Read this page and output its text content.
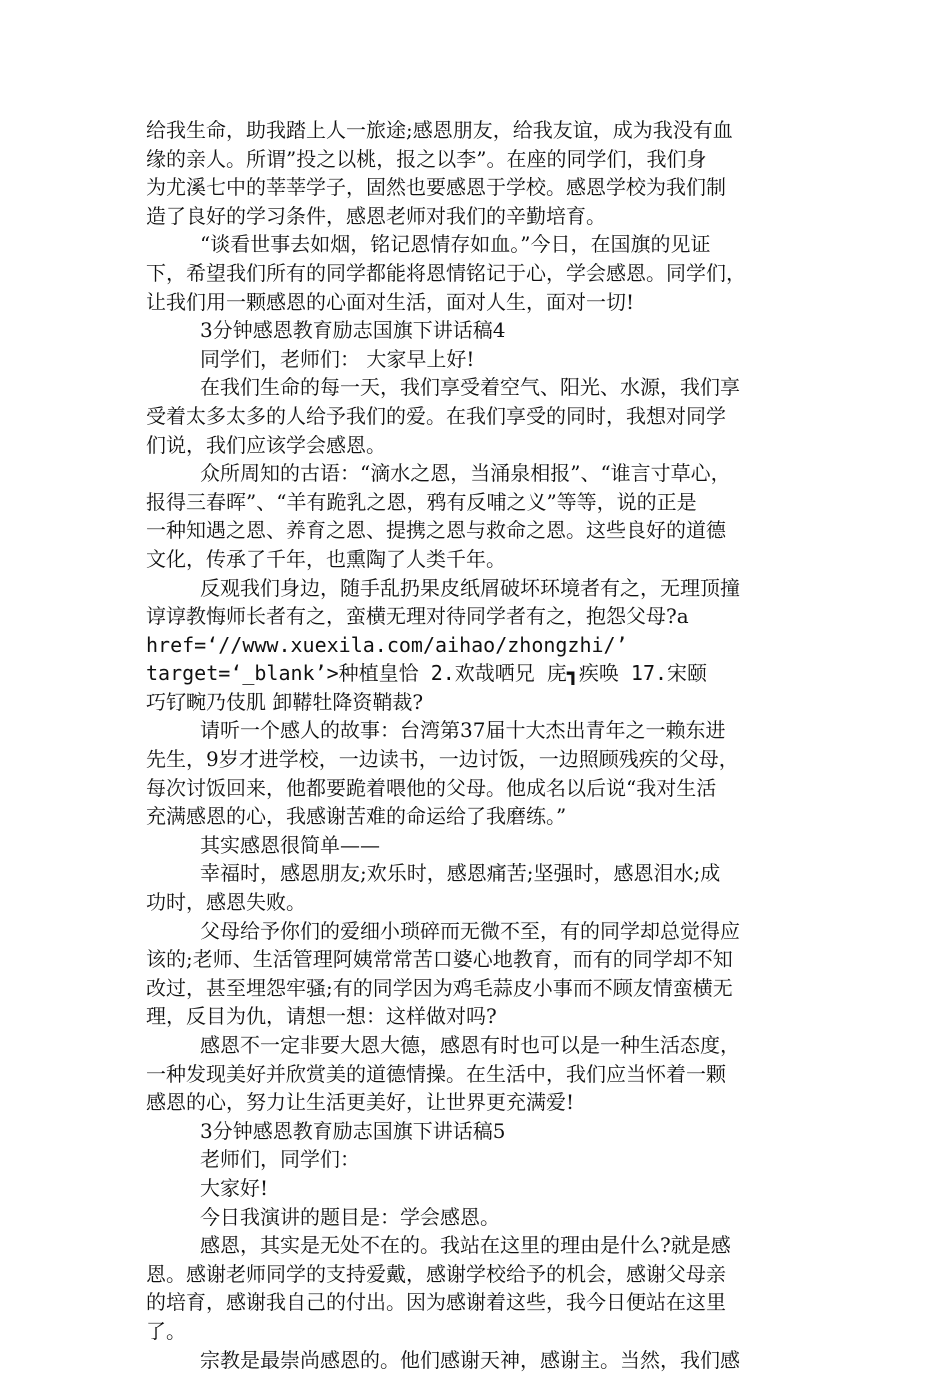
给我生命，助我踏上人一旅途;感恩朋友，给我友谊，成为我没有血
缘的亲人。所谓”投之以桃，报之以李”。在座的同学们，我们身
为尤溪七中的莘莘学子，固然也要感恩于学校。感恩学校为我们制
造了良好的学习条件，感恩老师对我们的辛勤培育。
“谈看世事去如烟，铭记恩情存如血。”今日，在国旗的见证
下，希望我们所有的同学都能将恩情铭记于心，学会感恩。同学们，
让我们用一颗感恩的心面对生活，面对人生，面对一切!
3分钟感恩教育励志国旗下讲话稿4
同学们，老师们： 大家早上好!
在我们生命的每一天，我们享受着空气、阳光、水源，我们享
受着太多太多的人给予我们的爱。在我们享受的同时，我想对同学
们说，我们应该学会感恩。
众所周知的古语：“滴水之恩，当涌泉相报”、“谁言寸草心，
报得三春晖”、“羊有跪乳之恩，鸦有反哺之义”等等，说的正是
一种知遇之恩、养育之恩、提携之恩与救命之恩。这些良好的道德
文化，传承了千年，也熏陶了人类千年。
反观我们身边，随手乱扔果皮纸屑破坏环境者有之，无理顶撞
谆谆教悔师长者有之，蛮横无理对待同学者有之，抱怨父母?a
href=‘//www.xuexila.com/aihao/zhongzhi/’
target=‘_blank’>种植皇恰 2.欢哉哂兄 庑┓疾唤 17.宋颐
巧钌畹乃伎肌 卸鞯牡降资鞘裁?
请听一个感人的故事：台湾第37届十大杰出青年之一赖东进
先生，9岁才进学校，一边读书，一边讨饭，一边照顾残疾的父母，
每次讨饭回来，他都要跪着喂他的父母。他成名以后说“我对生活
充满感恩的心，我感谢苦难的命运给了我磨练。”
其实感恩很简单——
幸福时，感恩朋友;欢乐时，感恩痛苦;坚强时，感恩泪水;成
功时，感恩失败。
父母给予你们的爱细小琐碎而无微不至，有的同学却总觉得应
该的;老师、生活管理阿姨常常苦口婆心地教育，而有的同学却不知
改过，甚至埋怨牢骚;有的同学因为鸡毛蒜皮小事而不顾友情蛮横无
理，反目为仇，请想一想：这样做对吗?
感恩不一定非要大恩大德，感恩有时也可以是一种生活态度，
一种发现美好并欣赏美的道德情操。在生活中，我们应当怀着一颗
感恩的心，努力让生活更美好，让世界更充满爱!
3分钟感恩教育励志国旗下讲话稿5
老师们，同学们：
大家好!
今日我演讲的题目是：学会感恩。
感恩，其实是无处不在的。我站在这里的理由是什么?就是感
恩。感谢老师同学的支持爱戴，感谢学校给予的机会，感谢父母亲
的培育，感谢我自己的付出。因为感谢着这些，我今日便站在这里
了。
宗教是最崇尚感恩的。他们感谢天神，感谢主。当然，我们感
